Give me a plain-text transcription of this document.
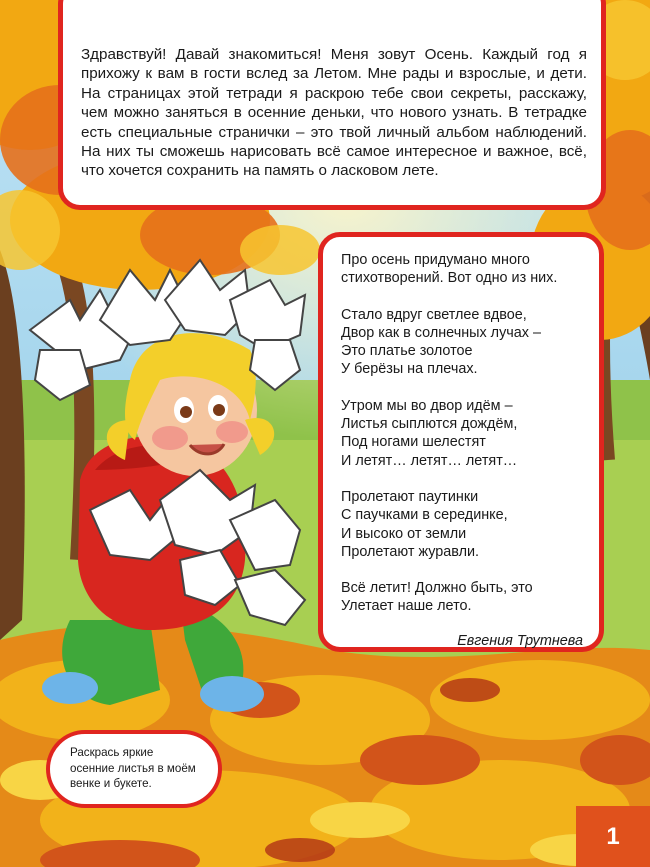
Здравствуй! Давай знакомиться! Меня зовут Осень. Каждый год я прихожу к вам в гости вслед за Летом. Мне рады и взрослые, и дети. На страницах этой тетради я раскрою тебе свои секреты, расскажу, чем можно заняться в осенние деньки, что нового узнать. В тетрадке есть специальные странички – это твой личный альбом наблюдений. На них ты сможешь нарисовать всё самое интересное и важное, всё, что хочется сохранить на память о ласковом лете.

Про осень придумано много
стихотворений. Вот одно из них.
Стало вдруг светлее вдвое,
Двор как в солнечных лучах –
Это платье золотое
У берёзы на плечах.
Утром мы во двор идём –
Листья сыплются дождём,
Под ногами шелестят
И летят… летят… летят…
Пролетают паутинки
С паучками в серединке,
И высоко от земли
Пролетают журавли.
Всё летит! Должно быть, это
Улетает наше лето.
Евгения Трутнева
Раскрась яркие
осенние листья в моём
венке и букете.
1
